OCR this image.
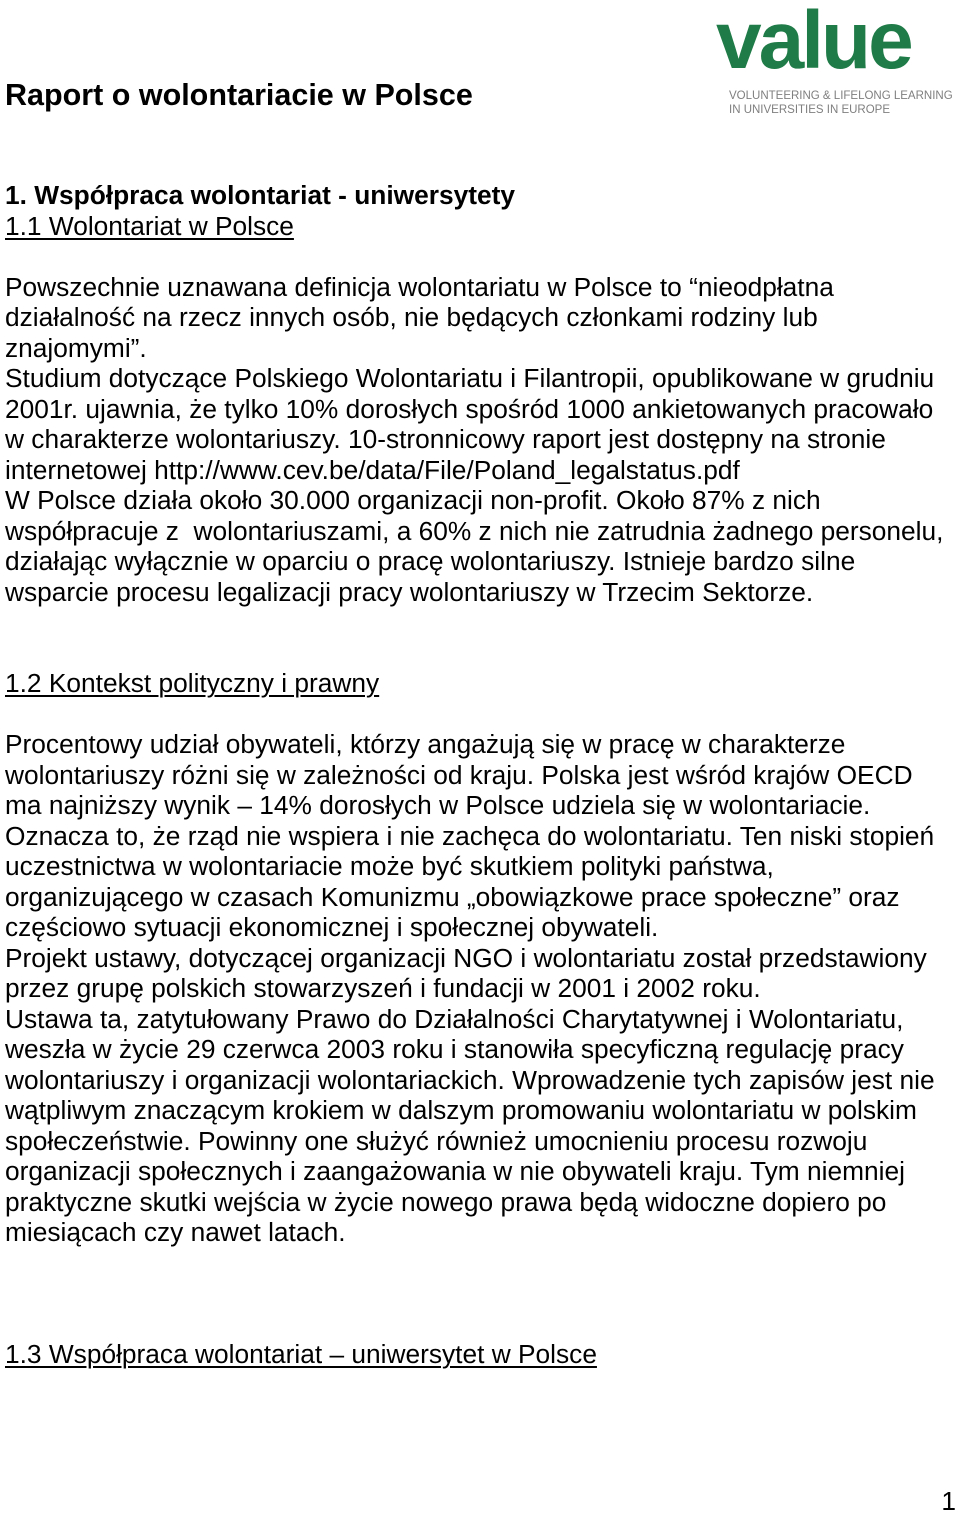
value
VOLUNTEERING & LIFELONG LEARNING
IN UNIVERSITIES IN EUROPE
Raport o wolontariacie w Polsce
1. Współpraca wolontariat - uniwersytety
1.1 Wolontariat w Polsce
Powszechnie uznawana definicja wolontariatu w Polsce to “nieodpłatna
działalność na rzecz innych osób, nie będących członkami rodziny lub
znajomymi”.
Studium dotyczące Polskiego Wolontariatu i Filantropii, opublikowane w grudniu
2001r. ujawnia, że tylko 10% dorosłych spośród 1000 ankietowanych pracowało
w charakterze wolontariuszy. 10-stronnicowy raport jest dostępny na stronie
internetowej http://www.cev.be/data/File/Poland_legalstatus.pdf
W Polsce działa około 30.000 organizacji non-profit. Około 87% z nich
współpracuje z  wolontariuszami, a 60% z nich nie zatrudnia żadnego personelu,
działając wyłącznie w oparciu o pracę wolontariuszy. Istnieje bardzo silne
wsparcie procesu legalizacji pracy wolontariuszy w Trzecim Sektorze.
1.2 Kontekst polityczny i prawny
Procentowy udział obywateli, którzy angażują się w pracę w charakterze
wolontariuszy różni się w zależności od kraju. Polska jest wśród krajów OECD
ma najniższy wynik – 14% dorosłych w Polsce udziela się w wolontariacie.
Oznacza to, że rząd nie wspiera i nie zachęca do wolontariatu. Ten niski stopień
uczestnictwa w wolontariacie może być skutkiem polityki państwa,
organizującego w czasach Komunizmu „obowiązkowe prace społeczne” oraz
częściowo sytuacji ekonomicznej i społecznej obywateli.
Projekt ustawy, dotyczącej organizacji NGO i wolontariatu został przedstawiony
przez grupę polskich stowarzyszeń i fundacji w 2001 i 2002 roku.
Ustawa ta, zatytułowany Prawo do Działalności Charytatywnej i Wolontariatu,
weszła w życie 29 czerwca 2003 roku i stanowiła specyficzną regulację pracy
wolontariuszy i organizacji wolontariackich. Wprowadzenie tych zapisów jest nie
wątpliwym znaczącym krokiem w dalszym promowaniu wolontariatu w polskim
społeczeństwie. Powinny one służyć również umocnieniu procesu rozwoju
organizacji społecznych i zaangażowania w nie obywateli kraju. Tym niemniej
praktyczne skutki wejścia w życie nowego prawa będą widoczne dopiero po
miesiącach czy nawet latach.
1.3 Współpraca wolontariat – uniwersytet w Polsce
1
